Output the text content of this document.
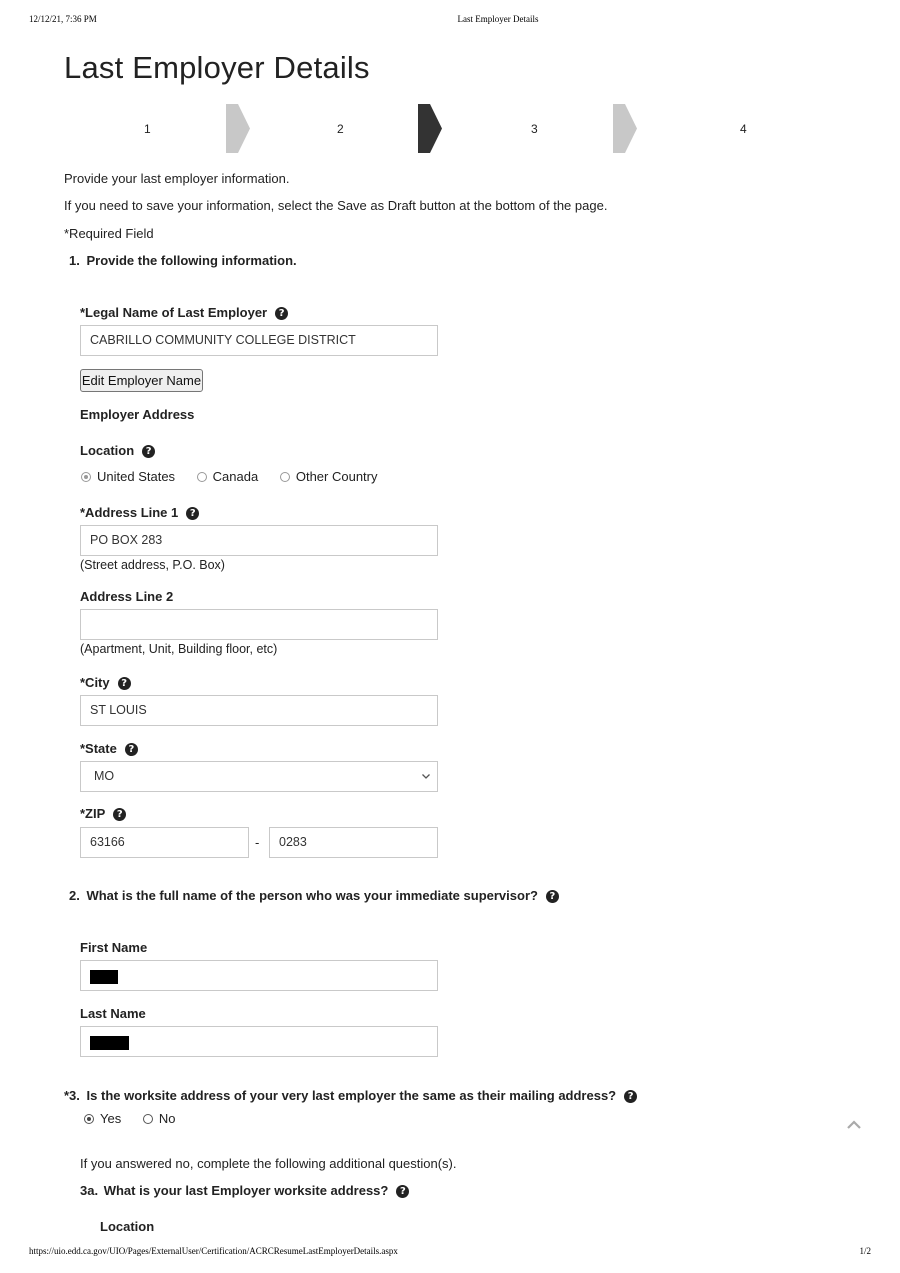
12/12/21, 7:36 PM	Last Employer Details
Last Employer Details
1	2	3	4

Provide your last employer information.

If you need to save your information, select the Save as Draft button at the bottom of the page.

*Required Field

1. Provide the following information.
*Legal Name of Last Employer ?
CABRILLO COMMUNITY COLLEGE DISTRICT
Edit Employer Name
Employer Address
Location ?
United States	Canada	Other Country
*Address Line 1 ?
PO BOX 283
(Street address, P.O. Box)
Address Line 2
(Apartment, Unit, Building floor, etc)
*City ?
ST LOUIS
*State ?
MO
*ZIP ?
63166	-	0283
2. What is the full name of the person who was your immediate supervisor? ?
First Name
Last Name
*3. Is the worksite address of your very last employer the same as their mailing address? ?
Yes	No
If you answered no, complete the following additional question(s).
3a. What is your last Employer worksite address? ?
Location
https://uio.edd.ca.gov/UIO/Pages/ExternalUser/Certification/ACRCResumeLastEmployerDetails.aspx	1/2
